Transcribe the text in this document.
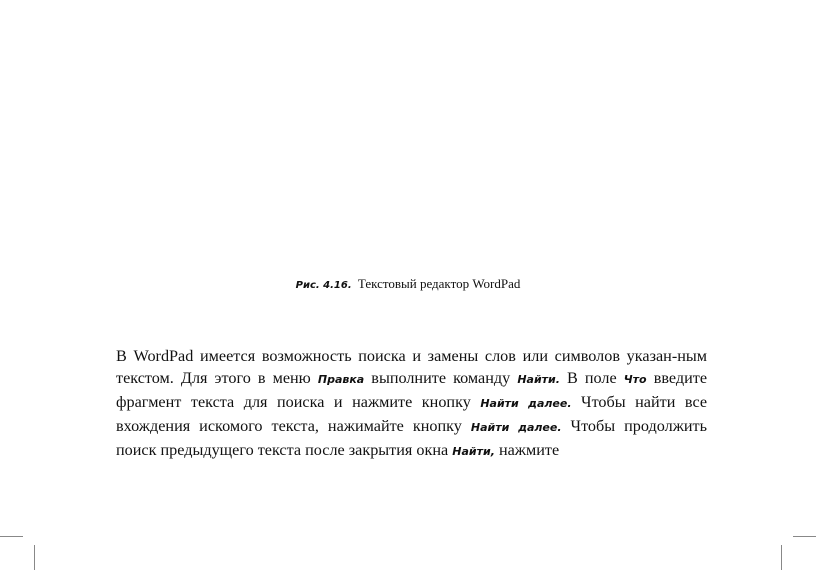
Рис. 4.16. Текстовый редактор WordPad

В WordPad имеется возможность поиска и замены слов или символов указан-ным текстом. Для этого в меню Правка выполните команду Найти. В поле Что введите фрагмент текста для поиска и нажмите кнопку Найти далее. Чтобы найти все вхождения искомого текста, нажимайте кнопку Найти далее. Чтобы продолжить поиск предыдущего текста после закрытия окна Найти, нажмите
